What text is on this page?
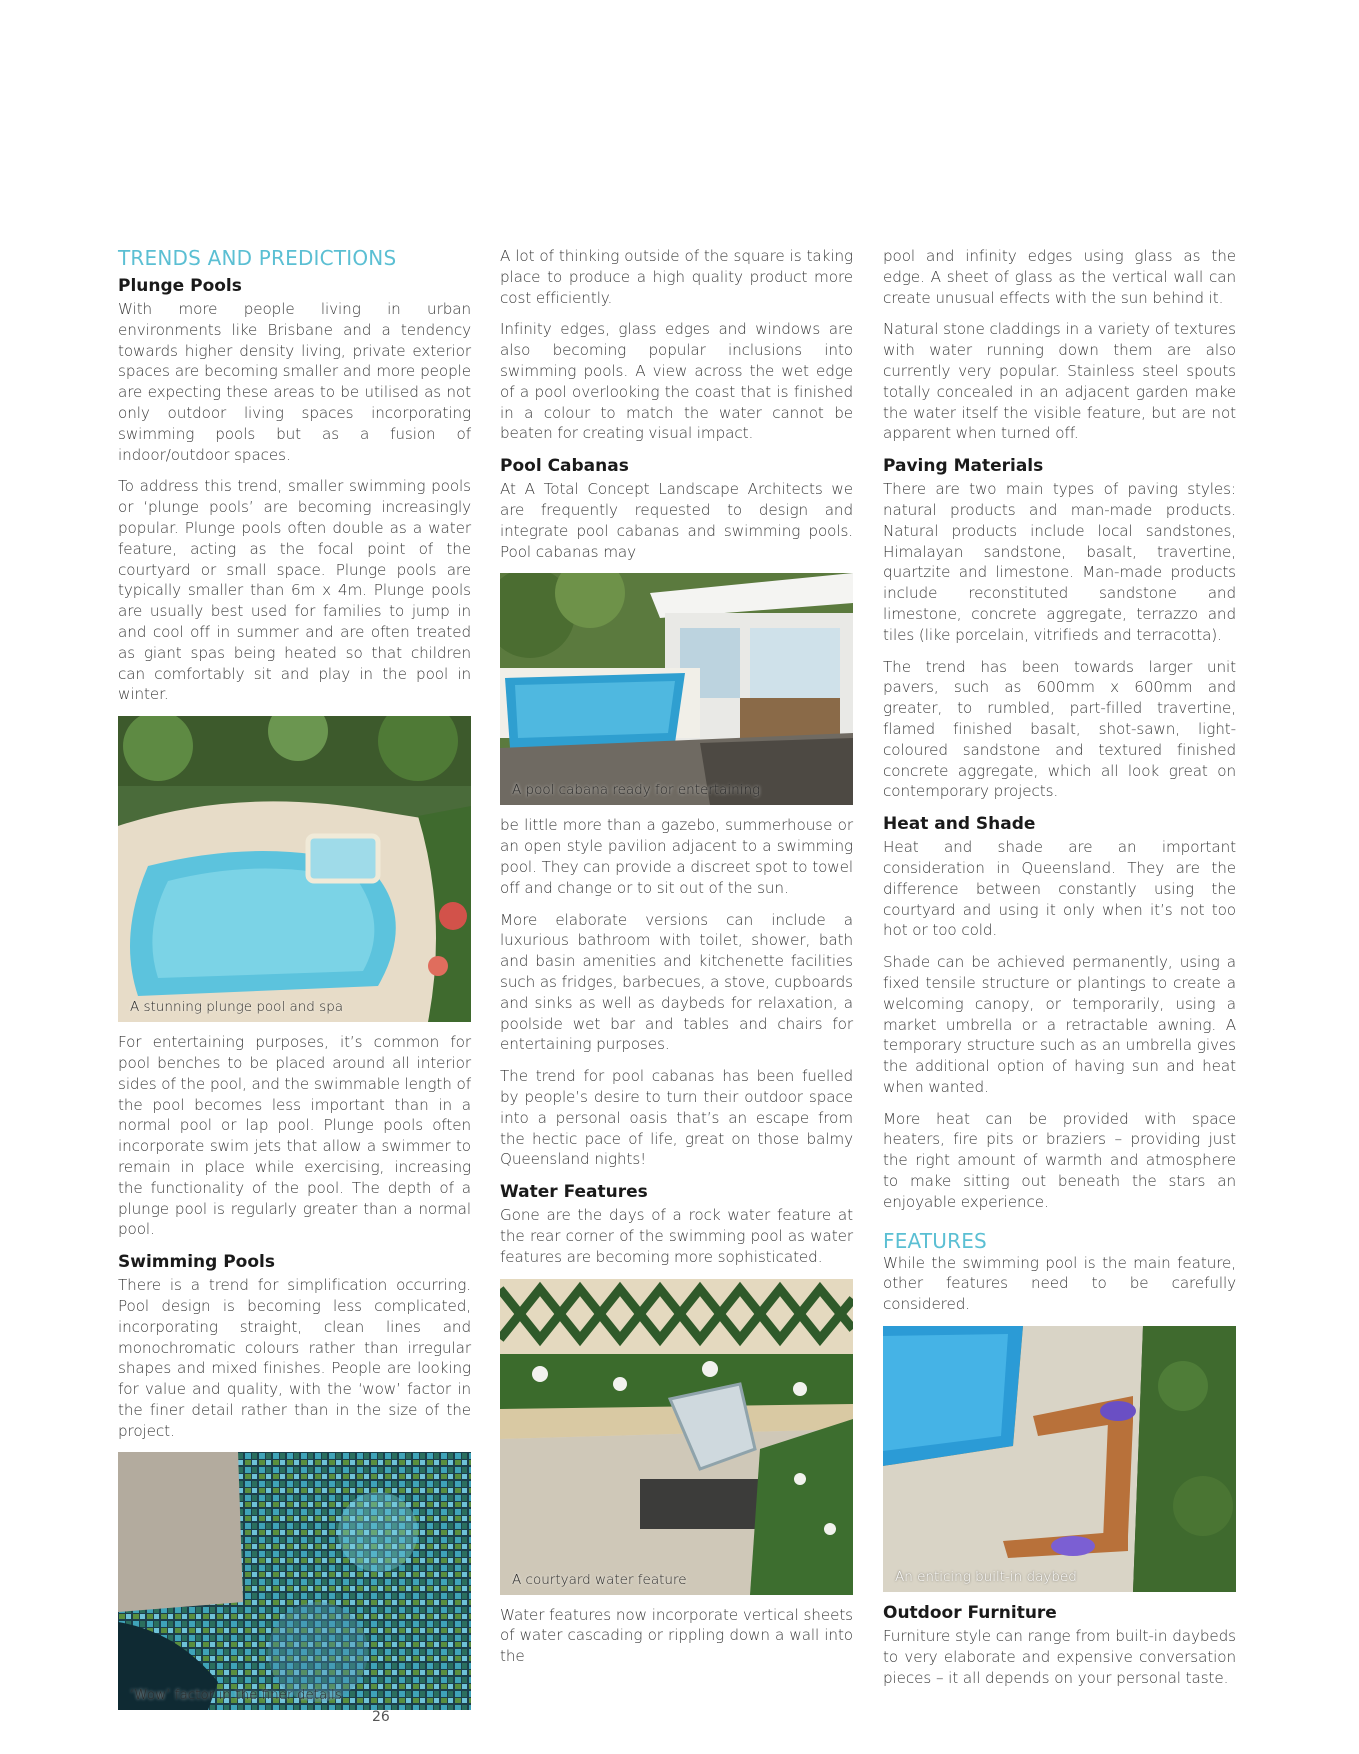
TRENDS AND PREDICTIONS
Plunge Pools

With more people living in urban environments like Brisbane and a tendency towards higher density living, private exterior spaces are becoming smaller and more people are expecting these areas to be utilised as not only outdoor living spaces incorporating swimming pools but as a fusion of indoor/outdoor spaces.

To address this trend, smaller swimming pools or ‘plunge pools’ are becoming increasingly popular. Plunge pools often double as a water feature, acting as the focal point of the courtyard or small space. Plunge pools are typically smaller than 6m x 4m. Plunge pools are usually best used for families to jump in and cool off in summer and are often treated as giant spas being heated so that children can comfortably sit and play in the pool in winter.

A stunning plunge pool and spa

For entertaining purposes, it’s common for pool benches to be placed around all interior sides of the pool, and the swimmable length of the pool becomes less important than in a normal pool or lap pool. Plunge pools often incorporate swim jets that allow a swimmer to remain in place while exercising, increasing the functionality of the pool. The depth of a plunge pool is regularly greater than a normal pool.

Swimming Pools

There is a trend for simplification occurring. Pool design is becoming less complicated, incorporating straight, clean lines and monochromatic colours rather than irregular shapes and mixed finishes. People are looking for value and quality, with the ‘wow’ factor in the finer detail rather than in the size of the project.

‘Wow’ factor in the finer details

A lot of thinking outside of the square is taking place to produce a high quality product more cost efficiently.

Infinity edges, glass edges and windows are also becoming popular inclusions into swimming pools. A view across the wet edge of a pool overlooking the coast that is finished in a colour to match the water cannot be beaten for creating visual impact.

Pool Cabanas

At A Total Concept Landscape Architects we are frequently requested to design and integrate pool cabanas and swimming pools. Pool cabanas may

A pool cabana ready for entertaining

be little more than a gazebo, summerhouse or an open style pavilion adjacent to a swimming pool. They can provide a discreet spot to towel off and change or to sit out of the sun.

More elaborate versions can include a luxurious bathroom with toilet, shower, bath and basin amenities and kitchenette facilities such as fridges, barbecues, a stove, cupboards and sinks as well as daybeds for relaxation, a poolside wet bar and tables and chairs for entertaining purposes.

The trend for pool cabanas has been fuelled by people’s desire to turn their outdoor space into a personal oasis that’s an escape from the hectic pace of life, great on those balmy Queensland nights!

Water Features

Gone are the days of a rock water feature at the rear corner of the swimming pool as water features are becoming more sophisticated.

A courtyard water feature

Water features now incorporate vertical sheets of water cascading or rippling down a wall into the

pool and infinity edges using glass as the edge. A sheet of glass as the vertical wall can create unusual effects with the sun behind it.

Natural stone claddings in a variety of textures with water running down them are also currently very popular. Stainless steel spouts totally concealed in an adjacent garden make the water itself the visible feature, but are not apparent when turned off.

Paving Materials

There are two main types of paving styles: natural products and man-made products. Natural products include local sandstones, Himalayan sandstone, basalt, travertine, quartzite and limestone. Man-made products include reconstituted sandstone and limestone, concrete aggregate, terrazzo and tiles (like porcelain, vitrifieds and terracotta).

The trend has been towards larger unit pavers, such as 600mm x 600mm and greater, to rumbled, part-filled travertine, flamed finished basalt, shot-sawn, light-coloured sandstone and textured finished concrete aggregate, which all look great on contemporary projects.

Heat and Shade

Heat and shade are an important consideration in Queensland. They are the difference between constantly using the courtyard and using it only when it’s not too hot or too cold.

Shade can be achieved permanently, using a fixed tensile structure or plantings to create a welcoming canopy, or temporarily, using a market umbrella or a retractable awning. A temporary structure such as an umbrella gives the additional option of having sun and heat when wanted.

More heat can be provided with space heaters, fire pits or braziers – providing just the right amount of warmth and atmosphere to make sitting out beneath the stars an enjoyable experience.

FEATURES

While the swimming pool is the main feature, other features need to be carefully considered.

An enticing built-in daybed
Outdoor Furniture

Furniture style can range from built-in daybeds to very elaborate and expensive conversation pieces – it all depends on your personal taste.

26
